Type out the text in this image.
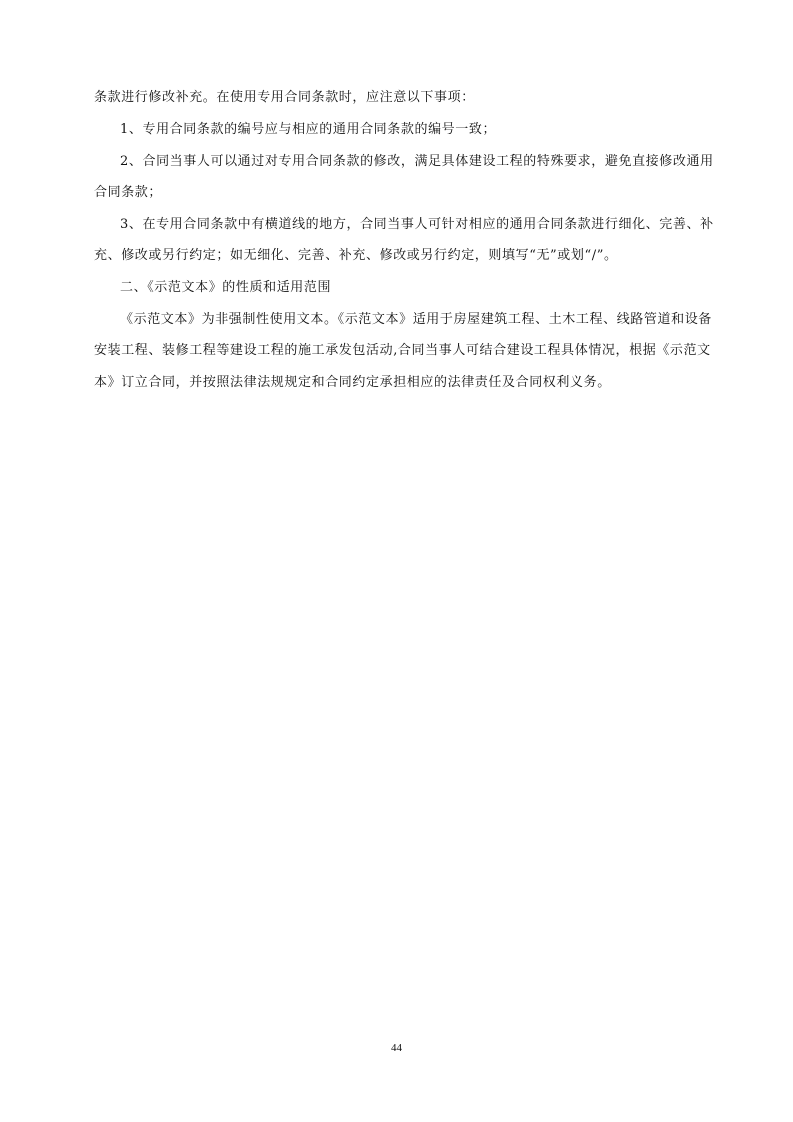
条款进行修改补充。在使用专用合同条款时，应注意以下事项：
1、专用合同条款的编号应与相应的通用合同条款的编号一致；
2、合同当事人可以通过对专用合同条款的修改，满足具体建设工程的特殊要求，避免直接修改通用
合同条款；
3、在专用合同条款中有横道线的地方，合同当事人可针对相应的通用合同条款进行细化、完善、补
充、修改或另行约定；如无细化、完善、补充、修改或另行约定，则填写“无”或划“/”。
二、《示范文本》的性质和适用范围
《示范文本》为非强制性使用文本。《示范文本》适用于房屋建筑工程、土木工程、线路管道和设备
安装工程、装修工程等建设工程的施工承发包活动,合同当事人可结合建设工程具体情况，根据《示范文
本》订立合同，并按照法律法规规定和合同约定承担相应的法律责任及合同权利义务。
44
